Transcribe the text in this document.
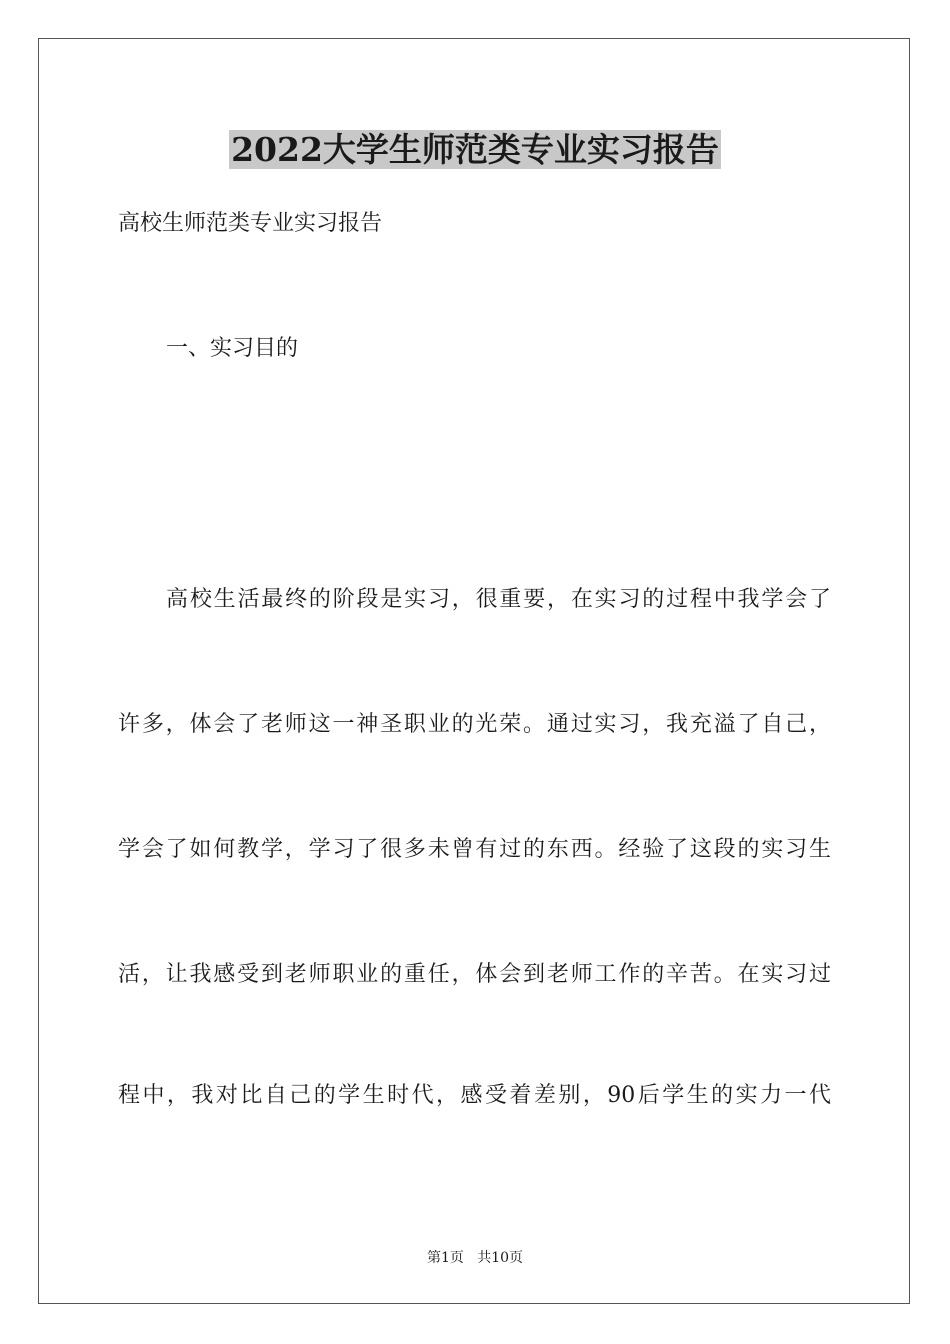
2022大学生师范类专业实习报告
高校生师范类专业实习报告
一、实习目的
高校生活最终的阶段是实习，很重要，在实习的过程中我学会了
许多，体会了老师这一神圣职业的光荣。通过实习，我充溢了自己，
学会了如何教学，学习了很多未曾有过的东西。经验了这段的实习生
活，让我感受到老师职业的重任，体会到老师工作的辛苦。在实习过
程中，我对比自己的学生时代，感受着差别，90后学生的实力一代
第1页   共10页
